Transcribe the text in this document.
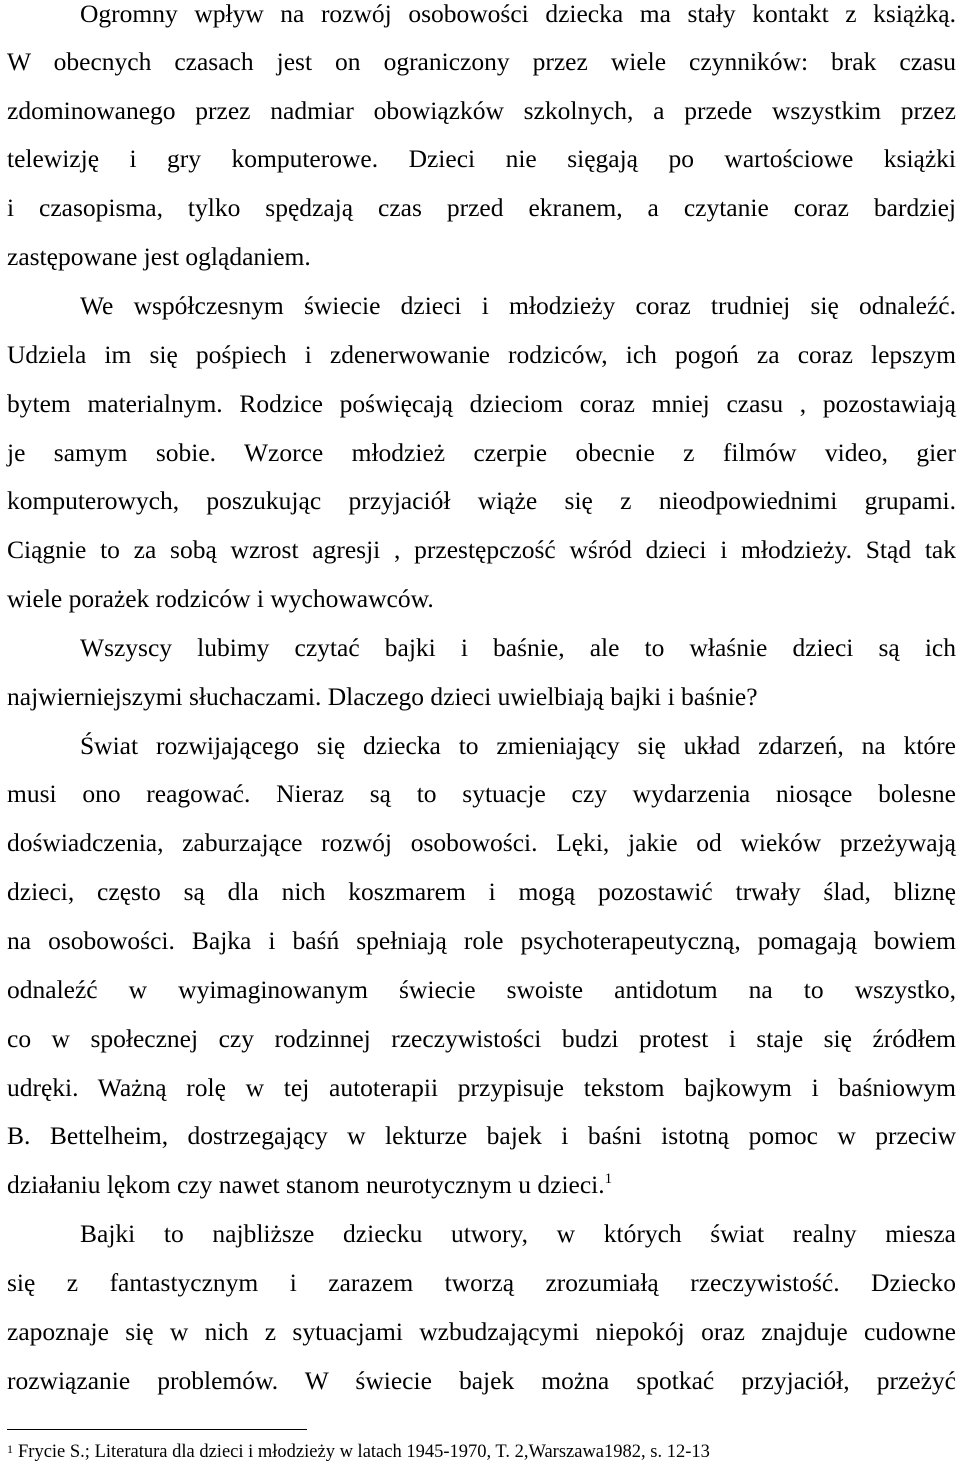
Ogromny wpływ na rozwój osobowości dziecka ma stały kontakt z książką.
W obecnych czasach jest on ograniczony przez wiele czynników: brak czasu
zdominowanego przez nadmiar obowiązków szkolnych, a przede wszystkim przez
telewizję i gry komputerowe. Dzieci nie sięgają po wartościowe książki
i czasopisma, tylko spędzają czas przed ekranem, a czytanie coraz bardziej
zastępowane jest oglądaniem.
We współczesnym świecie dzieci i młodzieży coraz trudniej się odnaleźć.
Udziela im się pośpiech i zdenerwowanie rodziców, ich pogoń za coraz lepszym
bytem materialnym. Rodzice poświęcają dzieciom coraz mniej czasu , pozostawiają
je samym sobie. Wzorce młodzież czerpie obecnie z filmów video, gier
komputerowych, poszukując przyjaciół wiąże się z nieodpowiednimi grupami.
Ciągnie to za sobą wzrost agresji , przestępczość wśród dzieci i młodzieży. Stąd tak
wiele porażek rodziców i wychowawców.
Wszyscy lubimy czytać bajki i baśnie, ale to właśnie dzieci są ich
najwierniejszymi słuchaczami. Dlaczego dzieci uwielbiają bajki i baśnie?
Świat rozwijającego się dziecka to zmieniający się układ zdarzeń, na które
musi ono reagować. Nieraz są to sytuacje czy wydarzenia niosące bolesne
doświadczenia, zaburzające rozwój osobowości. Lęki, jakie od wieków przeżywają
dzieci, często są dla nich koszmarem i mogą pozostawić trwały ślad, bliznę
na osobowości. Bajka i baśń spełniają role psychoterapeutyczną, pomagają bowiem
odnaleźć w wyimaginowanym świecie swoiste antidotum na to wszystko,
co w społecznej czy rodzinnej rzeczywistości budzi protest i staje się źródłem
udręki. Ważną rolę w tej autoterapii przypisuje tekstom bajkowym i baśniowym
B. Bettelheim, dostrzegający w lekturze bajek i baśni istotną pomoc w przeciw
działaniu lękom czy nawet stanom neurotycznym u dzieci.$^1$
Bajki to najbliższe dziecku utwory, w których świat realny miesza
się z fantastycznym i zarazem tworzą zrozumiałą rzeczywistość. Dziecko
zapoznaje się w nich z sytuacjami wzbudzającymi niepokój oraz znajduje cudowne
rozwiązanie problemów. W świecie bajek można spotkać przyjaciół, przeżyć
$^1$ Frycie S.; Literatura dla dzieci i młodzieży w latach 1945-1970, T. 2,Warszawa1982, s. 12-13
